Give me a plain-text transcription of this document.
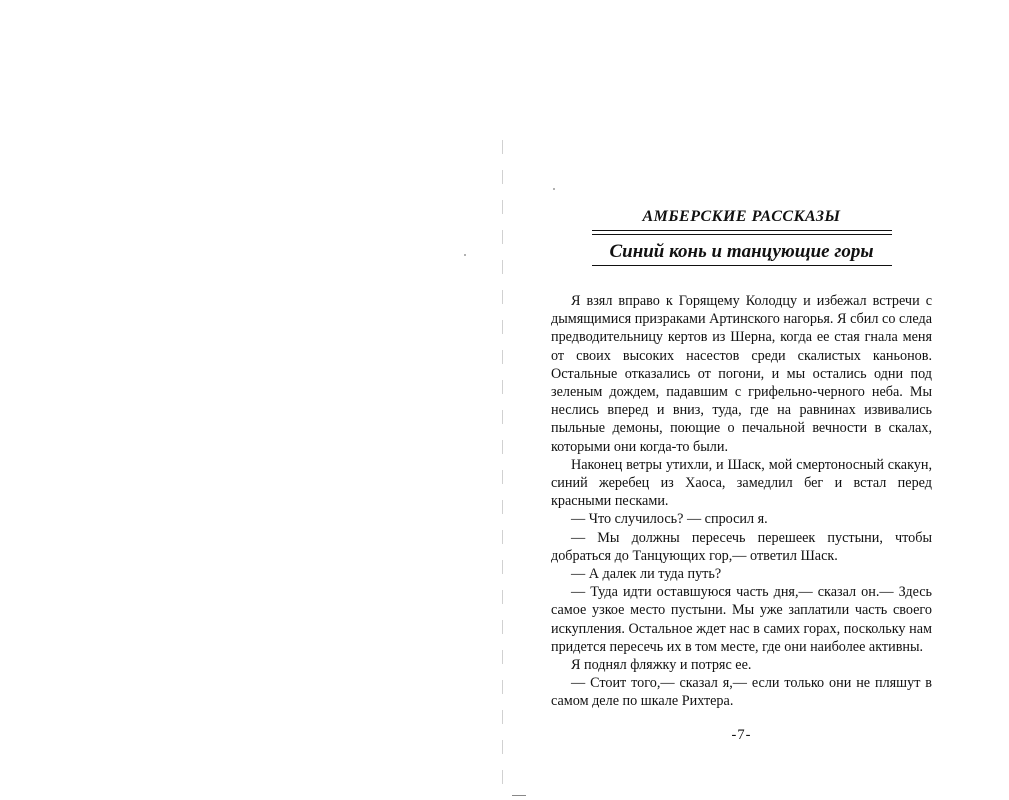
АМБЕРСКИЕ РАССКАЗЫ
Синий конь и танцующие горы

Я взял вправо к Горящему Колодцу и избежал встречи с дымящимися призраками Артинского нагорья. Я сбил со следа предводительницу кертов из Шерна, когда ее стая гнала меня от своих высоких насестов среди скалистых каньонов. Остальные отказались от погони, и мы остались одни под зеленым дождем, падавшим с грифельно-черного неба. Мы неслись вперед и вниз, туда, где на равнинах извивались пыльные демоны, поющие о печальной вечности в скалах, которыми они когда-то были.

Наконец ветры утихли, и Шаск, мой смертоносный скакун, синий жеребец из Хаоса, замедлил бег и встал перед красными песками.

— Что случилось? — спросил я.

— Мы должны пересечь перешеек пустыни, чтобы добраться до Танцующих гор,— ответил Шаск.

— А далек ли туда путь?

— Туда идти оставшуюся часть дня,— сказал он.— Здесь самое узкое место пустыни. Мы уже заплатили часть своего искупления. Остальное ждет нас в самих горах, поскольку нам придется пересечь их в том месте, где они наиболее активны.

Я поднял фляжку и потряс ее.

— Стоит того,— сказал я,— если только они не пляшут в самом деле по шкале Рихтера.

-7-
